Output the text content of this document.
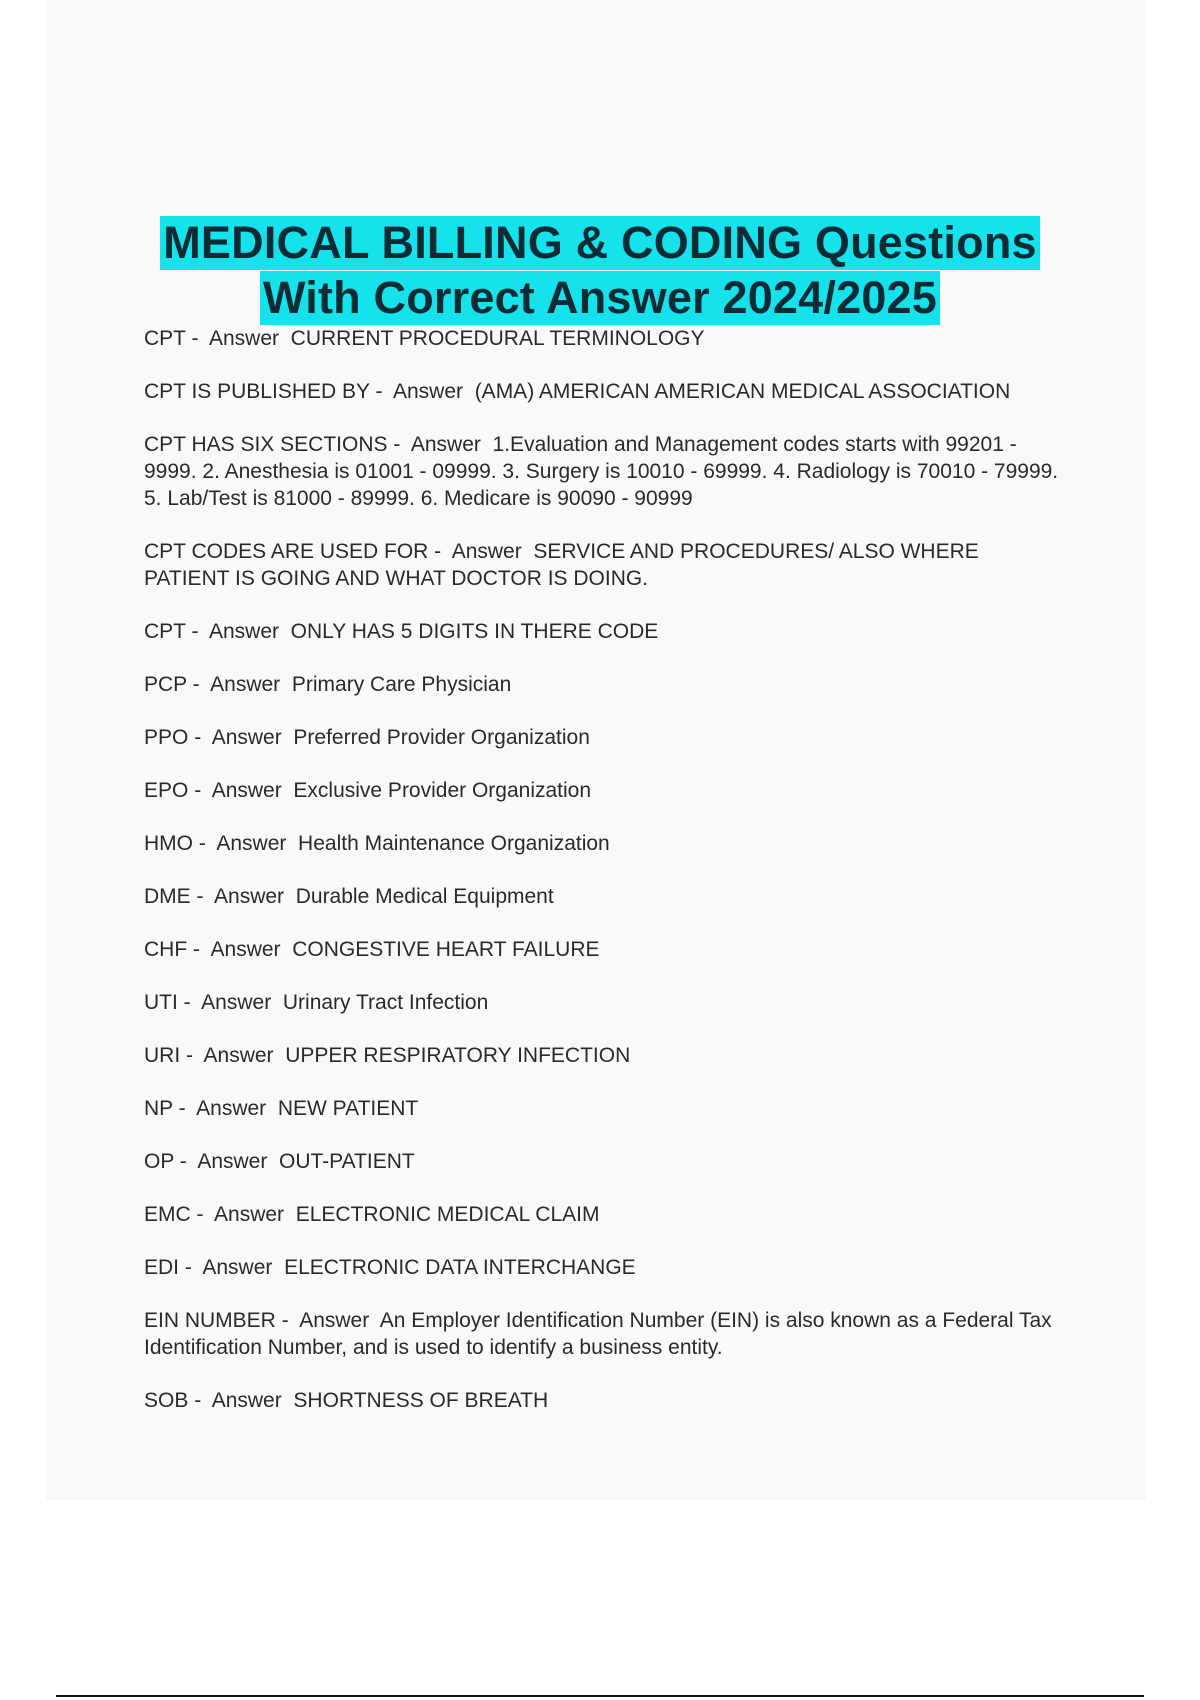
MEDICAL BILLING & CODING Questions
With Correct Answer 2024/2025
CPT -  Answer CURRENT PROCEDURAL TERMINOLOGY
CPT IS PUBLISHED BY -  Answer (AMA) AMERICAN AMERICAN MEDICAL ASSOCIATION
CPT HAS SIX SECTIONS -  Answer 1.Evaluation and Management codes starts with 99201 - 9999. 2. Anesthesia is 01001 - 09999. 3. Surgery is 10010 - 69999. 4. Radiology is 70010 - 79999. 5. Lab/Test is 81000 - 89999. 6. Medicare is 90090 - 90999
CPT CODES ARE USED FOR -  Answer SERVICE AND PROCEDURES/ ALSO WHERE PATIENT IS GOING AND WHAT DOCTOR IS DOING.
CPT -  Answer ONLY HAS 5 DIGITS IN THERE CODE
PCP -  Answer Primary Care Physician
PPO -  Answer Preferred Provider Organization
EPO -  Answer Exclusive Provider Organization
HMO -  Answer Health Maintenance Organization
DME -  Answer Durable Medical Equipment
CHF -  Answer CONGESTIVE HEART FAILURE
UTI -  Answer Urinary Tract Infection
URI -  Answer UPPER RESPIRATORY INFECTION
NP -  Answer NEW PATIENT
OP -  Answer OUT-PATIENT
EMC -  Answer ELECTRONIC MEDICAL CLAIM
EDI -  Answer ELECTRONIC DATA INTERCHANGE
EIN NUMBER -  Answer An Employer Identification Number (EIN) is also known as a Federal Tax Identification Number, and is used to identify a business entity.
SOB -  Answer SHORTNESS OF BREATH
